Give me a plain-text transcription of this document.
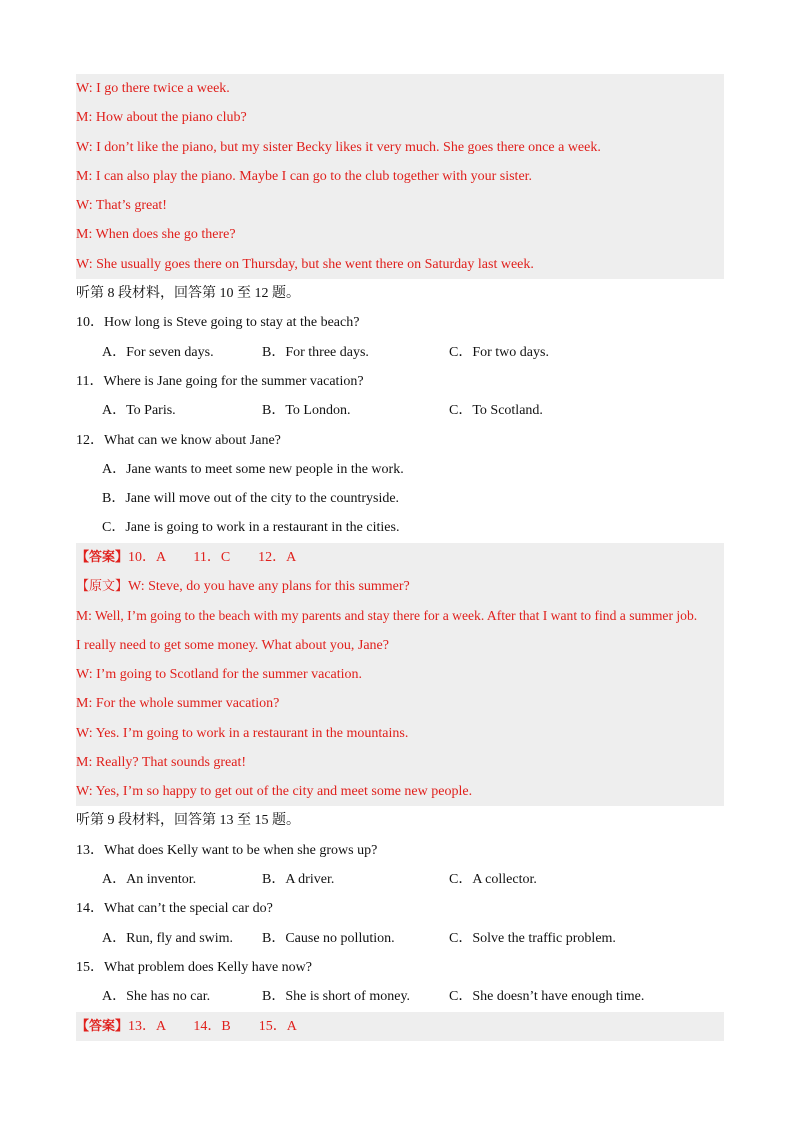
W: I go there twice a week.
M: How about the piano club?
W: I don’t like the piano, but my sister Becky likes it very much. She goes there once a week.
M: I can also play the piano. Maybe I can go to the club together with your sister.
W: That’s great!
M: When does she go there?
W: She usually goes there on Thursday, but she went there on Saturday last week.
听第 8 段材料，回答第 10 至 12 题。
10．How long is Steve going to stay at the beach?
A．For seven days.	B．For three days.	C．For two days.
11．Where is Jane going for the summer vacation?
A．To Paris.	B．To London.	C．To Scotland.
12．What can we know about Jane?
A．Jane wants to meet some new people in the work.
B．Jane will move out of the city to the countryside.
C．Jane is going to work in a restaurant in the cities.
【答案】10．A　　11．C　　12．A
【原文】W: Steve, do you have any plans for this summer?
M: Well, I’m going to the beach with my parents and stay there for a week. After that I want to find a summer job.
I really need to get some money. What about you, Jane?
W: I’m going to Scotland for the summer vacation.
M: For the whole summer vacation?
W: Yes. I’m going to work in a restaurant in the mountains.
M: Really? That sounds great!
W: Yes, I’m so happy to get out of the city and meet some new people.
听第 9 段材料，回答第 13 至 15 题。
13．What does Kelly want to be when she grows up?
A．An inventor.	B．A driver.	C．A collector.
14．What can’t the special car do?
A．Run, fly and swim.	B．Cause no pollution.	C．Solve the traffic problem.
15．What problem does Kelly have now?
A．She has no car.	B．She is short of money.	C．She doesn’t have enough time.
【答案】13．A　　14．B　　15．A
